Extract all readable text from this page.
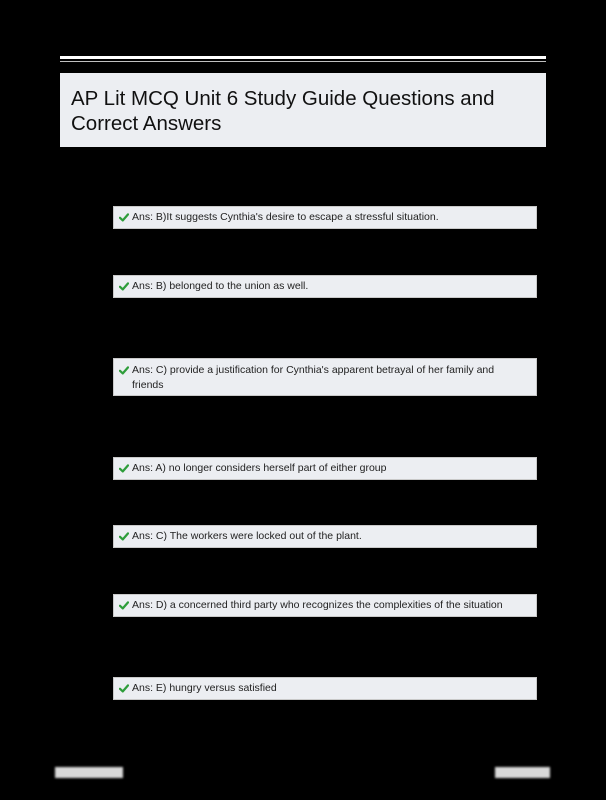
AP Lit MCQ Unit 6 Study Guide Questions and Correct Answers
Ans: B)It suggests Cynthia's desire to escape a stressful situation.
Ans: B) belonged to the union as well.
Ans: C) provide a justification for Cynthia's apparent betrayal of her family and friends
Ans: A) no longer considers herself part of either group
Ans: C) The workers were locked out of the plant.
Ans: D) a concerned third party who recognizes the complexities of the situation
Ans: E) hungry versus satisfied
